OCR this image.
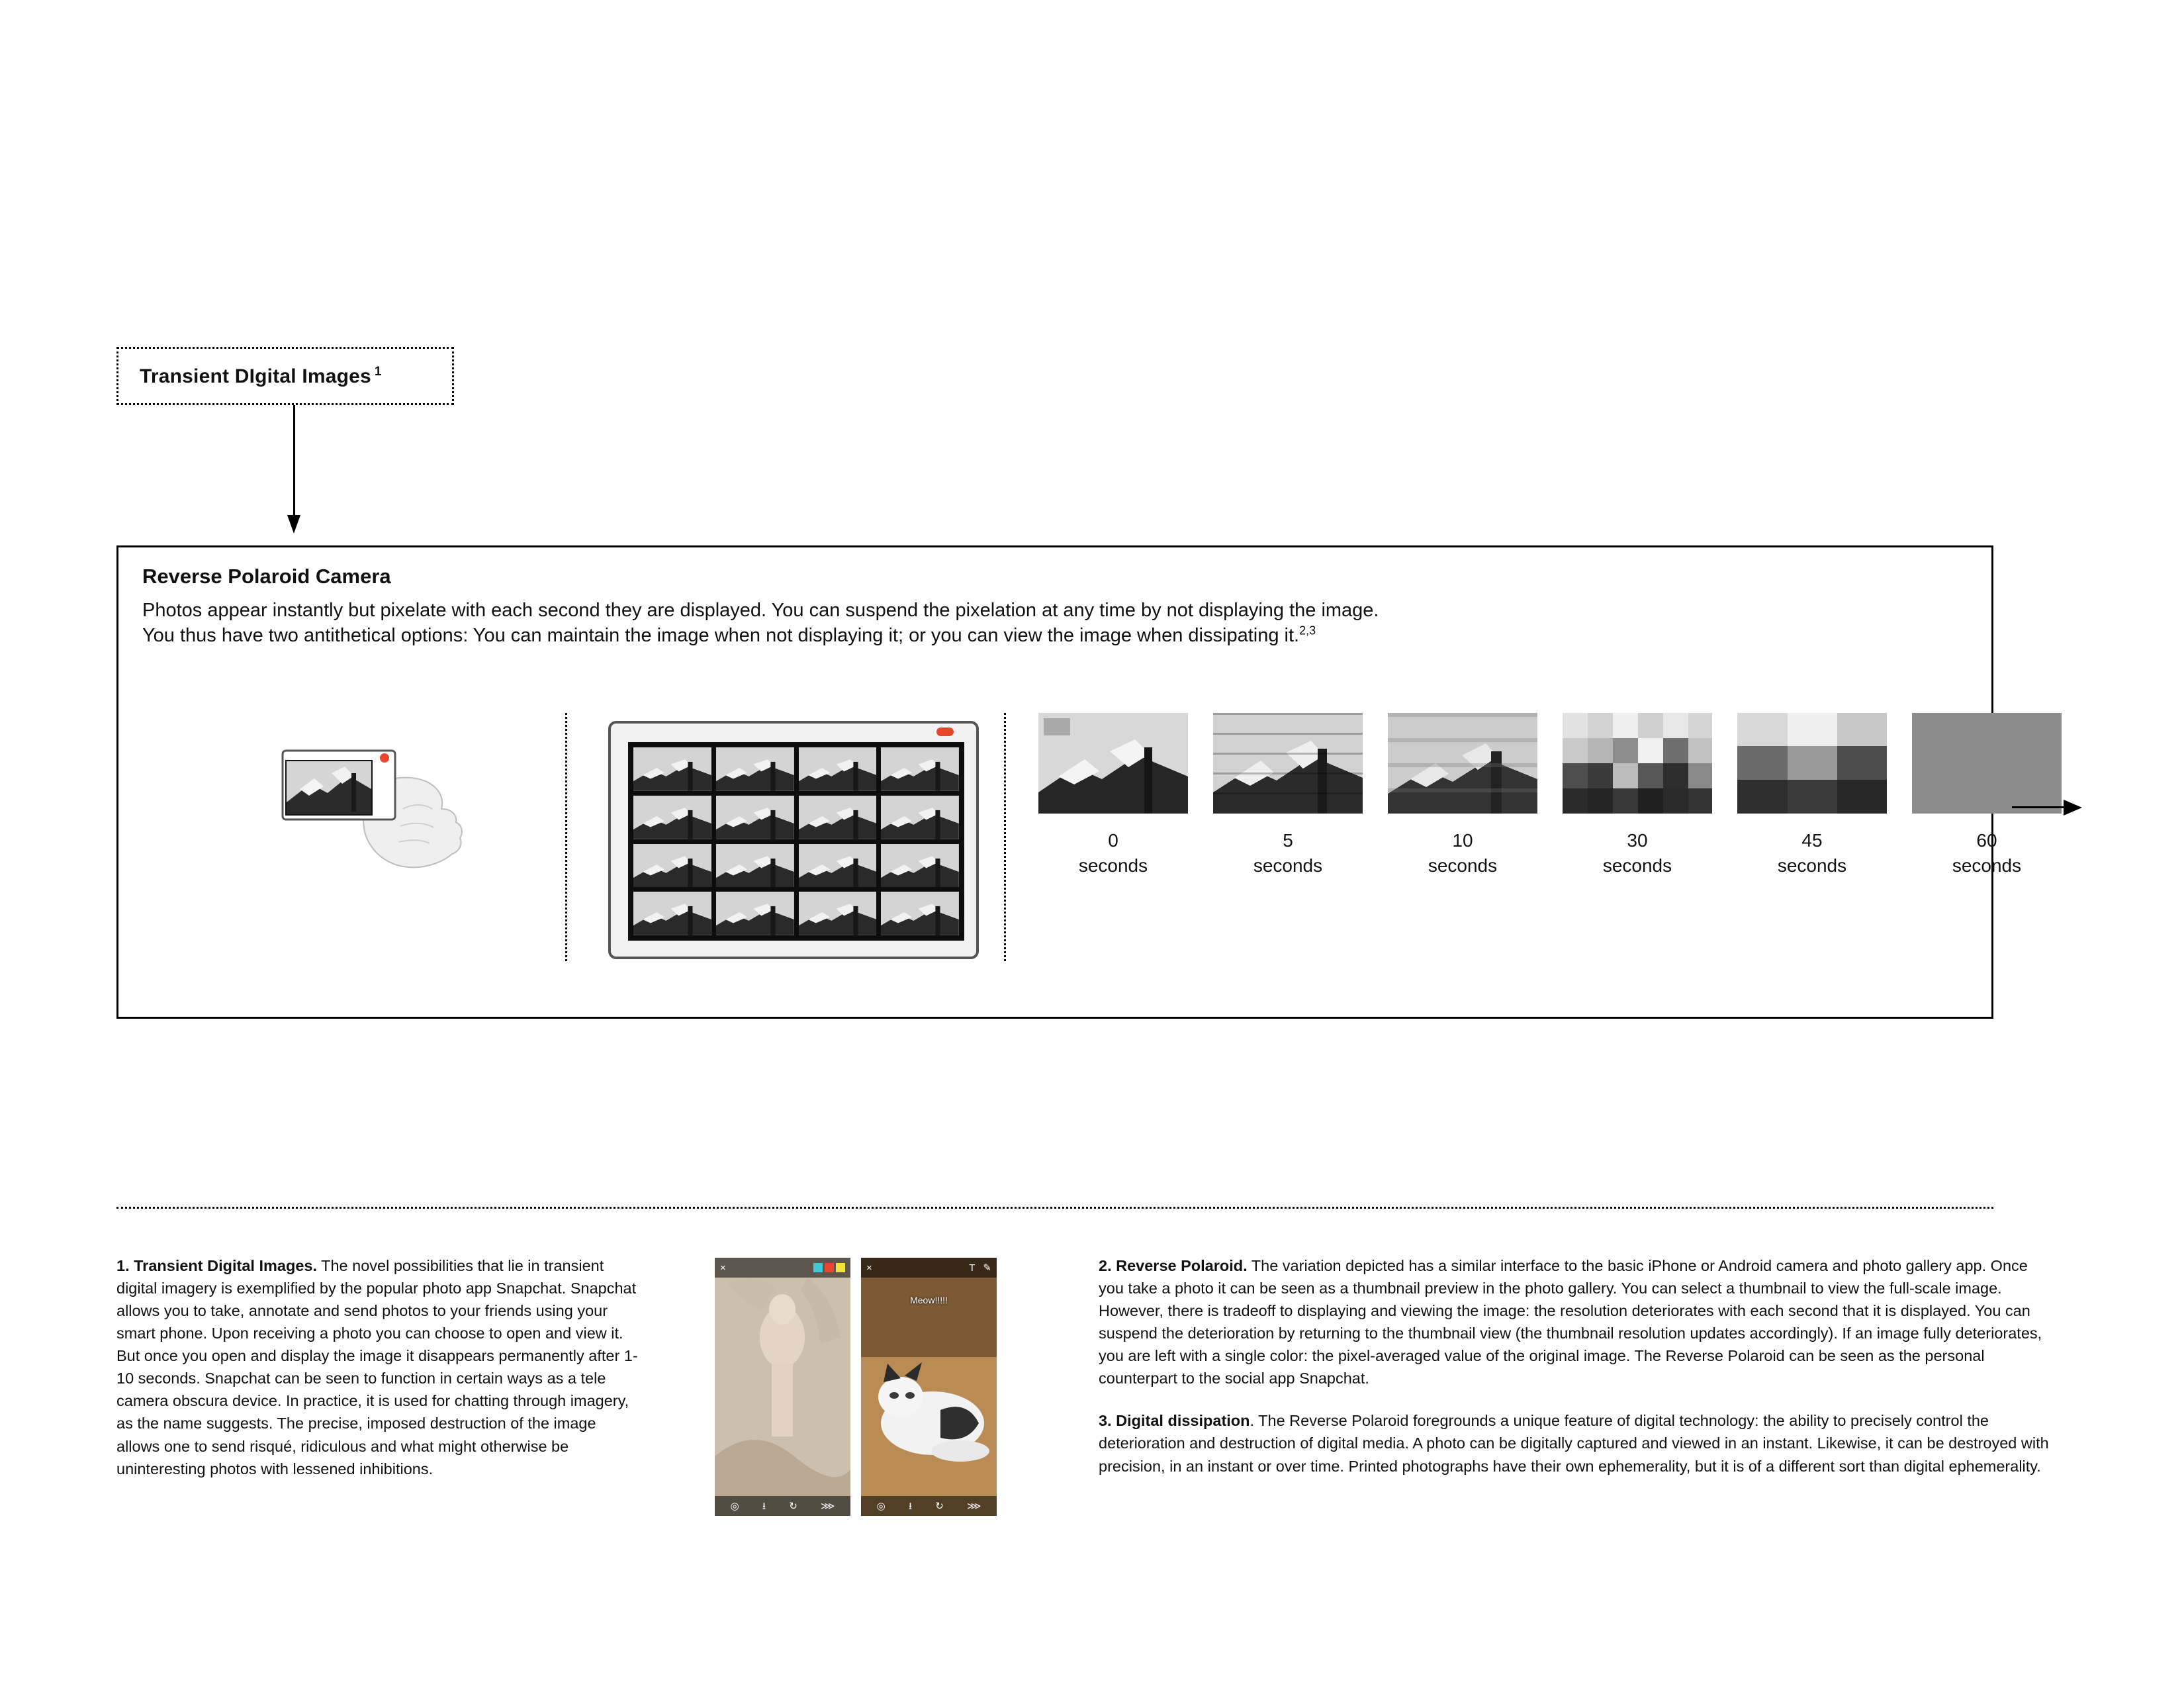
Transient DIgital Images $^1$
Reverse Polaroid Camera
Photos appear instantly but pixelate with each second they are displayed. You can suspend the pixelation at any time by not displaying the image.
You thus have two antithetical options: You can maintain the image when not displaying it; or you can view the image when dissipating it.$^{2,3}$
0
seconds
5
seconds
10
seconds
30
seconds
45
seconds
60
seconds
1. Transient Digital Images. The novel possibilities that lie in transient digital imagery is exemplified by the popular photo app Snapchat. Snapchat allows you to take, annotate and send photos to your friends using your smart phone. Upon receiving a photo you can choose to open and view it. But once you open and display the image it disappears permanently after 1-10 seconds. Snapchat can be seen to function in certain ways as a tele camera obscura device. In practice, it is used for chatting through imagery, as the name suggests. The precise, imposed destruction of the image allows one to send risqué, ridiculous and what might otherwise be uninteresting photos with lessened inhibitions.
×
◎ ⭳ ↻ ⋙
×	T ✎
Meow!!!!!
◎ ⭳ ↻ ⋙
2. Reverse Polaroid. The variation depicted has a similar interface to the basic iPhone or Android camera and photo gallery app. Once you take a photo it can be seen as a thumbnail preview in the photo gallery. You can select a thumbnail to view the full-scale image. However, there is tradeoff to displaying and viewing the image: the resolution deteriorates with each second that it is displayed. You can suspend the deterioration by returning to the thumbnail view (the thumbnail resolution updates accordingly). If an image fully deteriorates, you are left with a single color: the pixel-averaged value of the original image. The Reverse Polaroid can be seen as the personal counterpart to the social app Snapchat.
3. Digital dissipation. The Reverse Polaroid foregrounds a unique feature of digital technology: the ability to precisely control the deterioration and destruction of digital media. A photo can be digitally captured and viewed in an instant. Likewise, it can be destroyed with precision, in an instant or over time. Printed photographs have their own ephemerality, but it is of a different sort than digital ephemerality.
